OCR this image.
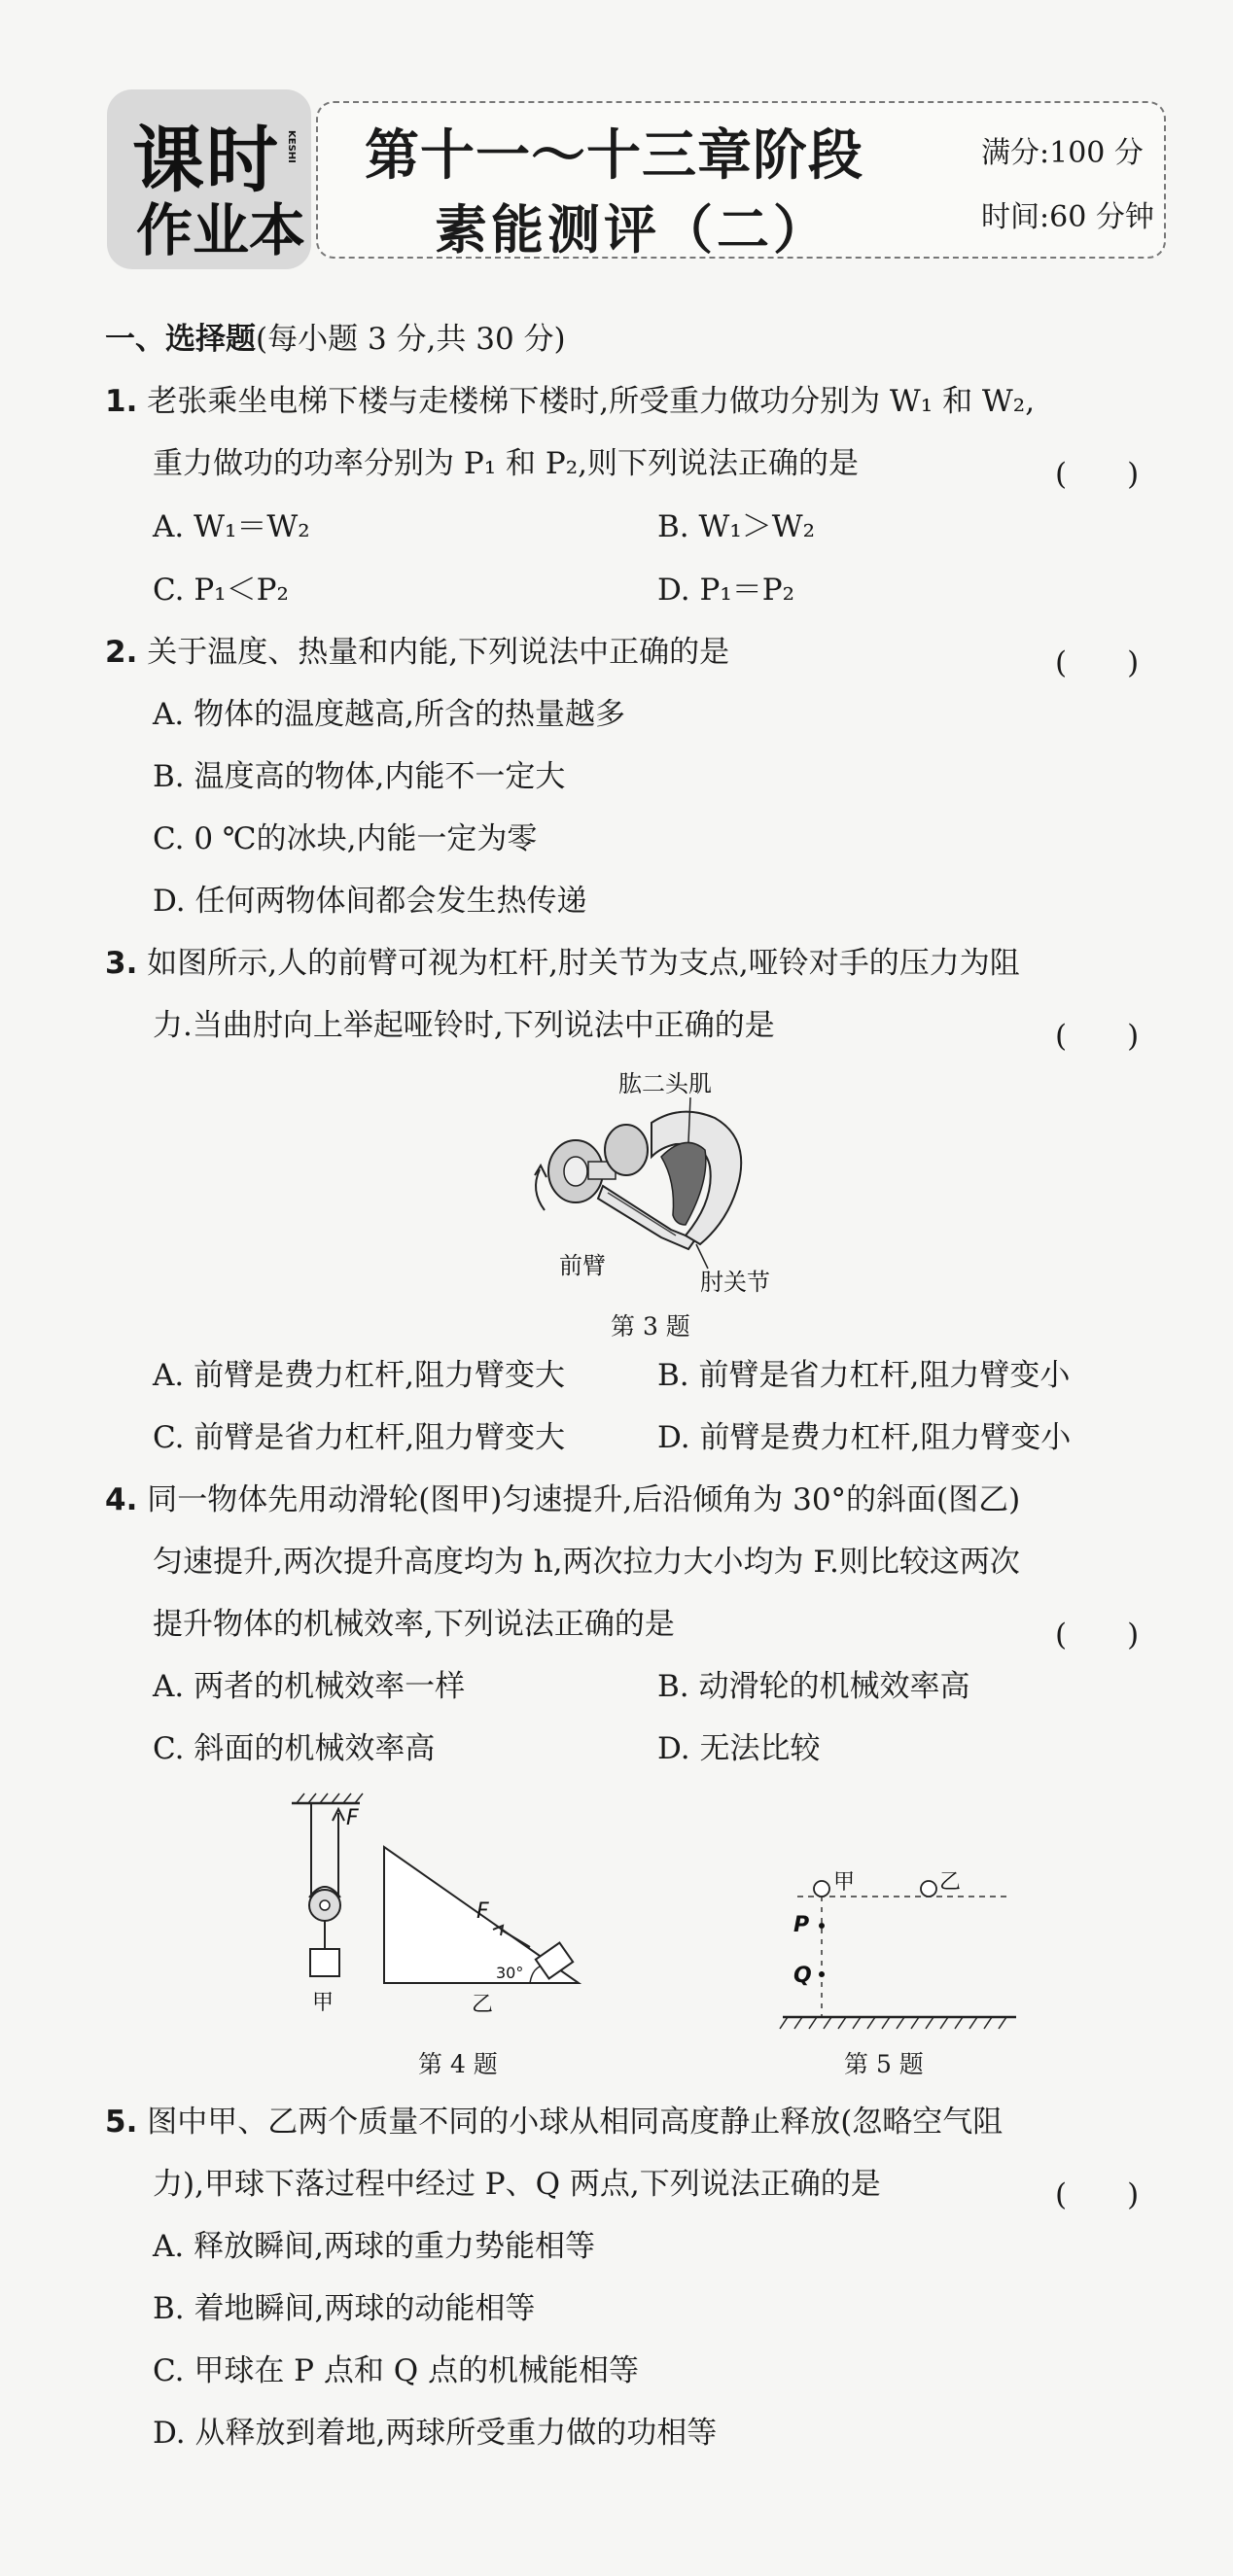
课时
作业本
KESHI 第十一～十三章阶段
素能测评（二）
满分:100 分
时间:60 分钟
一、选择题(每小题 3 分,共 30 分)
1. 老张乘坐电梯下楼与走楼梯下楼时,所受重力做功分别为 W₁ 和 W₂,
重力做功的功率分别为 P₁ 和 P₂,则下列说法正确的是	(　　)
A. W₁＝W₂	B. W₁＞W₂
C. P₁＜P₂	D. P₁＝P₂
2. 关于温度、热量和内能,下列说法中正确的是	(　　)
A. 物体的温度越高,所含的热量越多
B. 温度高的物体,内能不一定大
C. 0 ℃的冰块,内能一定为零
D. 任何两物体间都会发生热传递
3. 如图所示,人的前臂可视为杠杆,肘关节为支点,哑铃对手的压力为阻
力.当曲肘向上举起哑铃时,下列说法中正确的是	(　　)
肱二头肌
前臂
肘关节
第 3 题
A. 前臂是费力杠杆,阻力臂变大	B. 前臂是省力杠杆,阻力臂变小
C. 前臂是省力杠杆,阻力臂变大	D. 前臂是费力杠杆,阻力臂变小
4. 同一物体先用动滑轮(图甲)匀速提升,后沿倾角为 30°的斜面(图乙)
匀速提升,两次提升高度均为 h,两次拉力大小均为 F.则比较这两次
提升物体的机械效率,下列说法正确的是	(　　)
A. 两者的机械效率一样	B. 动滑轮的机械效率高
C. 斜面的机械效率高	D. 无法比较
F
甲
F
30°
乙
第 4 题
甲	乙
P
Q
第 5 题
5. 图中甲、乙两个质量不同的小球从相同高度静止释放(忽略空气阻
力),甲球下落过程中经过 P、Q 两点,下列说法正确的是	(　　)
A. 释放瞬间,两球的重力势能相等
B. 着地瞬间,两球的动能相等
C. 甲球在 P 点和 Q 点的机械能相等
D. 从释放到着地,两球所受重力做的功相等
